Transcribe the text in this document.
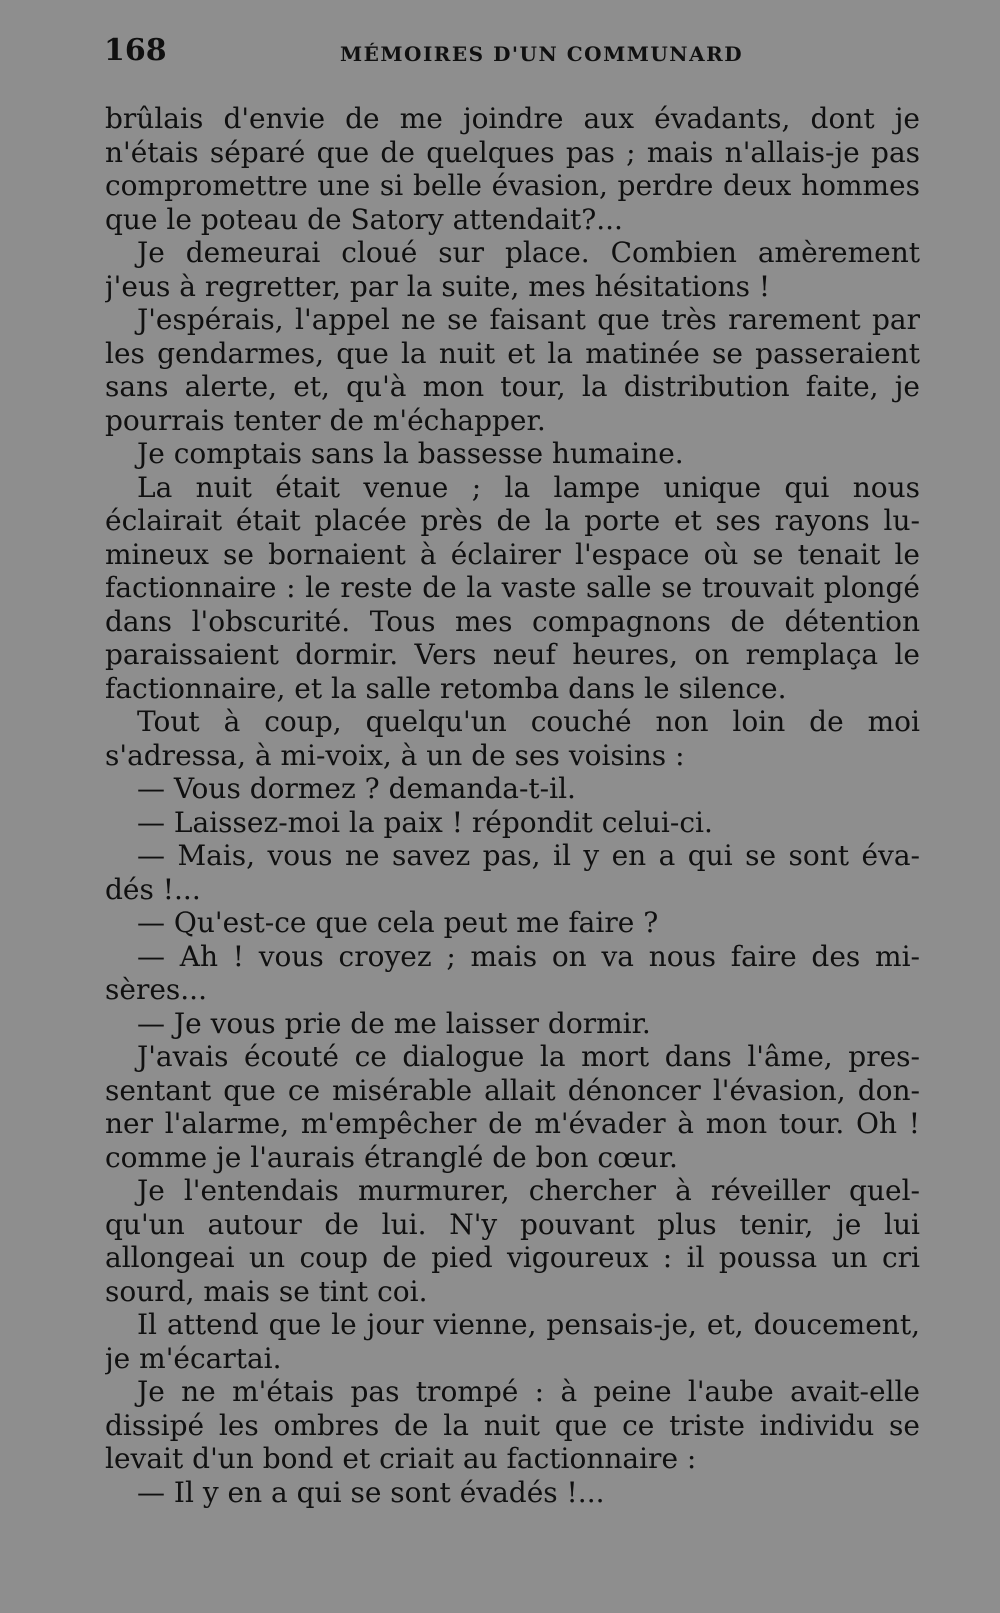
168	MÉMOIRES D'UN COMMUNARD
brûlais d'envie de me joindre aux évadants, dont je
n'étais séparé que de quelques pas ; mais n'allais-je pas
compromettre une si belle évasion, perdre deux hommes
que le poteau de Satory attendait?...
Je demeurai cloué sur place. Combien amèrement
j'eus à regretter, par la suite, mes hésitations !
J'espérais, l'appel ne se faisant que très rarement par
les gendarmes, que la nuit et la matinée se passeraient
sans alerte, et, qu'à mon tour, la distribution faite, je
pourrais tenter de m'échapper.
Je comptais sans la bassesse humaine.
La nuit était venue ; la lampe unique qui nous
éclairait était placée près de la porte et ses rayons lu-
mineux se bornaient à éclairer l'espace où se tenait le
factionnaire : le reste de la vaste salle se trouvait plongé
dans l'obscurité. Tous mes compagnons de détention
paraissaient dormir. Vers neuf heures, on remplaça le
factionnaire, et la salle retomba dans le silence.
Tout à coup, quelqu'un couché non loin de moi
s'adressa, à mi-voix, à un de ses voisins :
— Vous dormez ? demanda-t-il.
— Laissez-moi la paix ! répondit celui-ci.
— Mais, vous ne savez pas, il y en a qui se sont éva-
dés !...
— Qu'est-ce que cela peut me faire ?
— Ah ! vous croyez ; mais on va nous faire des mi-
sères...
— Je vous prie de me laisser dormir.
J'avais écouté ce dialogue la mort dans l'âme, pres-
sentant que ce misérable allait dénoncer l'évasion, don-
ner l'alarme, m'empêcher de m'évader à mon tour. Oh !
comme je l'aurais étranglé de bon cœur.
Je l'entendais murmurer, chercher à réveiller quel-
qu'un autour de lui. N'y pouvant plus tenir, je lui
allongeai un coup de pied vigoureux : il poussa un cri
sourd, mais se tint coi.
Il attend que le jour vienne, pensais-je, et, doucement,
je m'écartai.
Je ne m'étais pas trompé : à peine l'aube avait-elle
dissipé les ombres de la nuit que ce triste individu se
levait d'un bond et criait au factionnaire :
— Il y en a qui se sont évadés !...
